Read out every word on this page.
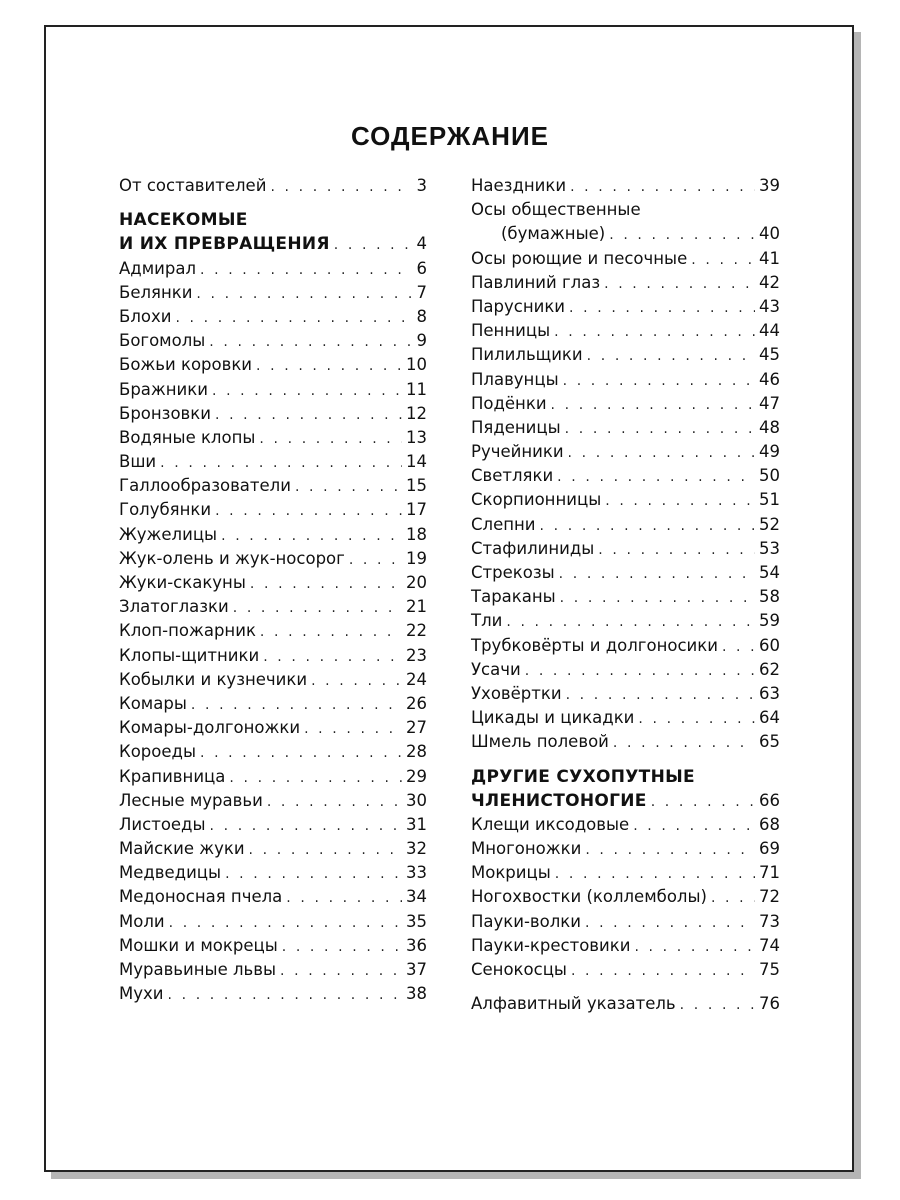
СОДЕРЖАНИЕ
От составителей . . .	3
НАСЕКОМЫЕ
И ИХ ПРЕВРАЩЕНИЯ . . .	4
Адмирал . . .	6
Белянки . . .	7
Блохи . . .	8
Богомолы . . .	9
Божьи коровки . . .	10
Бражники . . .	11
Бронзовки . . .	12
Водяные клопы . . .	13
Вши . . .	14
Галлообразователи . . .	15
Голубянки . . .	17
Жужелицы . . .	18
Жук-олень и жук-носорог . . .	19
Жуки-скакуны . . .	20
Златоглазки . . .	21
Клоп-пожарник . . .	22
Клопы-щитники . . .	23
Кобылки и кузнечики . . .	24
Комары . . .	26
Комары-долгоножки . . .	27
Короеды . . .	28
Крапивница . . .	29
Лесные муравьи . . .	30
Листоеды . . .	31
Майские жуки . . .	32
Медведицы . . .	33
Медоносная пчела . . .	34
Моли . . .	35
Мошки и мокрецы . . .	36
Муравьиные львы . . .	37
Мухи . . .	38
Наездники . . .	39
Осы общественные
(бумажные) . . .	40
Осы роющие и песочные . . .	41
Павлиний глаз . . .	42
Парусники . . .	43
Пенницы . . .	44
Пилильщики . . .	45
Плавунцы . . .	46
Подёнки . . .	47
Пяденицы . . .	48
Ручейники . . .	49
Светляки . . .	50
Скорпионницы . . .	51
Слепни . . .	52
Стафилиниды . . .	53
Стрекозы . . .	54
Тараканы . . .	58
Тли . . .	59
Трубковёрты и долгоносики . . . 60
Усачи . . .	62
Уховёртки . . .	63
Цикады и цикадки . . .	64
Шмель полевой . . .	65
ДРУГИЕ СУХОПУТНЫЕ
ЧЛЕНИСТОНОГИЕ . . .	66
Клещи иксодовые . . .	68
Многоножки . . .	69
Мокрицы . . .	71
Ногохвостки (коллемболы) . . .	72
Пауки-волки . . .	73
Пауки-крестовики . . .	74
Сенокосцы . . .	75
Алфавитный указатель . . .	76
